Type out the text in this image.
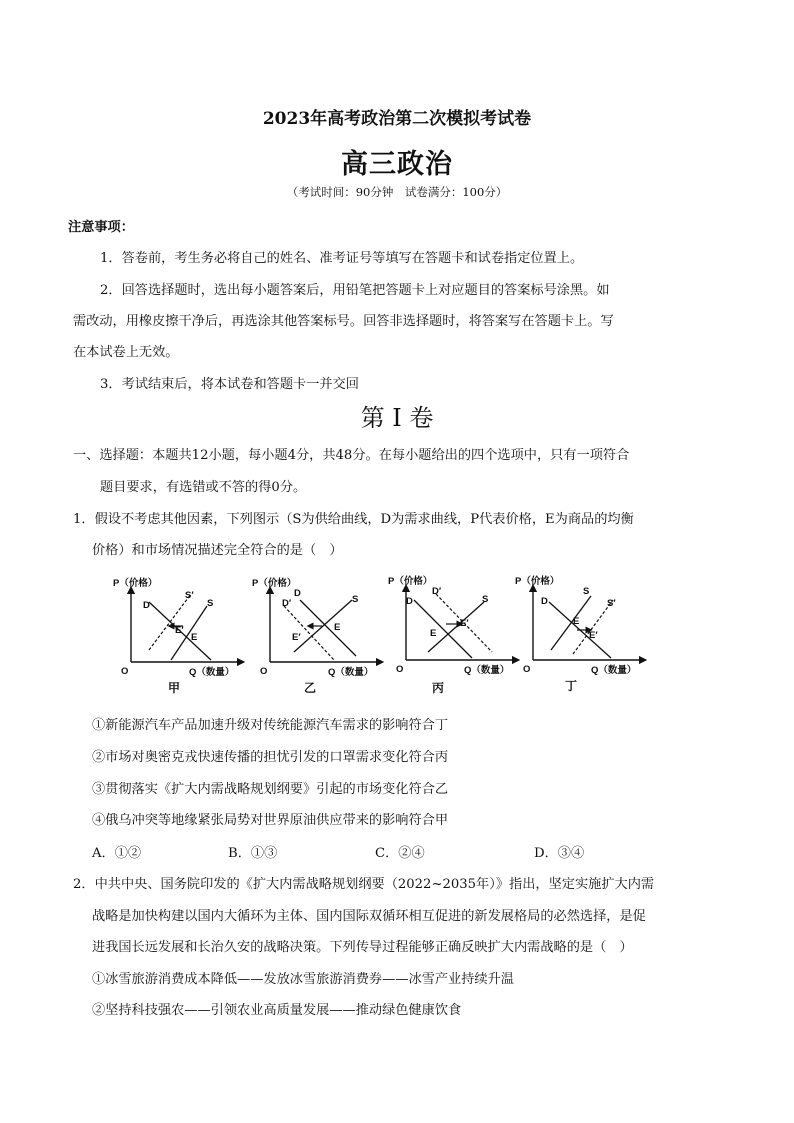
2023年高考政治第二次模拟考试卷
高三政治
（考试时间：90分钟　试卷满分：100分）
注意事项：
1．答卷前，考生务必将自己的姓名、准考证号等填写在答题卡和试卷指定位置上。
2．回答选择题时，选出每小题答案后，用铅笔把答题卡上对应题目的答案标号涂黑。如
需改动，用橡皮擦干净后，再选涂其他答案标号。回答非选择题时，将答案写在答题卡上。写
在本试卷上无效。
3．考试结束后，将本试卷和答题卡一并交回
第 I 卷
一、选择题：本题共12小题，每小题4分，共48分。在每小题给出的四个选项中，只有一项符合
题目要求，有选错或不答的得0分。
1．假设不考虑其他因素，下列图示（S为供给曲线，D为需求曲线，P代表价格，E为商品的均衡
价格）和市场情况描述完全符合的是（　）
P（价格）
Q（数量）
O
D
S′
S
E′
E
甲
P（价格）
D′
D
S
E′
E
O	Q（数量）
乙
P（价格）
D
D′
S
E
E′
O	Q（数量）
丙
P（价格）
D
S
S′
E
E′
O	Q（数量）
丁
①新能源汽车产品加速升级对传统能源汽车需求的影响符合丁
②市场对奥密克戎快速传播的担忧引发的口罩需求变化符合丙
③贯彻落实《扩大内需战略规划纲要》引起的市场变化符合乙
④俄乌冲突等地缘紧张局势对世界原油供应带来的影响符合甲
A．①②	B．①③	C．②④	D．③④
2．中共中央、国务院印发的《扩大内需战略规划纲要（2022~2035年）》指出，坚定实施扩大内需
战略是加快构建以国内大循环为主体、国内国际双循环相互促进的新发展格局的必然选择，是促
进我国长远发展和长治久安的战略决策。下列传导过程能够正确反映扩大内需战略的是（　）
①冰雪旅游消费成本降低——发放冰雪旅游消费券——冰雪产业持续升温
②坚持科技强农——引领农业高质量发展——推动绿色健康饮食
